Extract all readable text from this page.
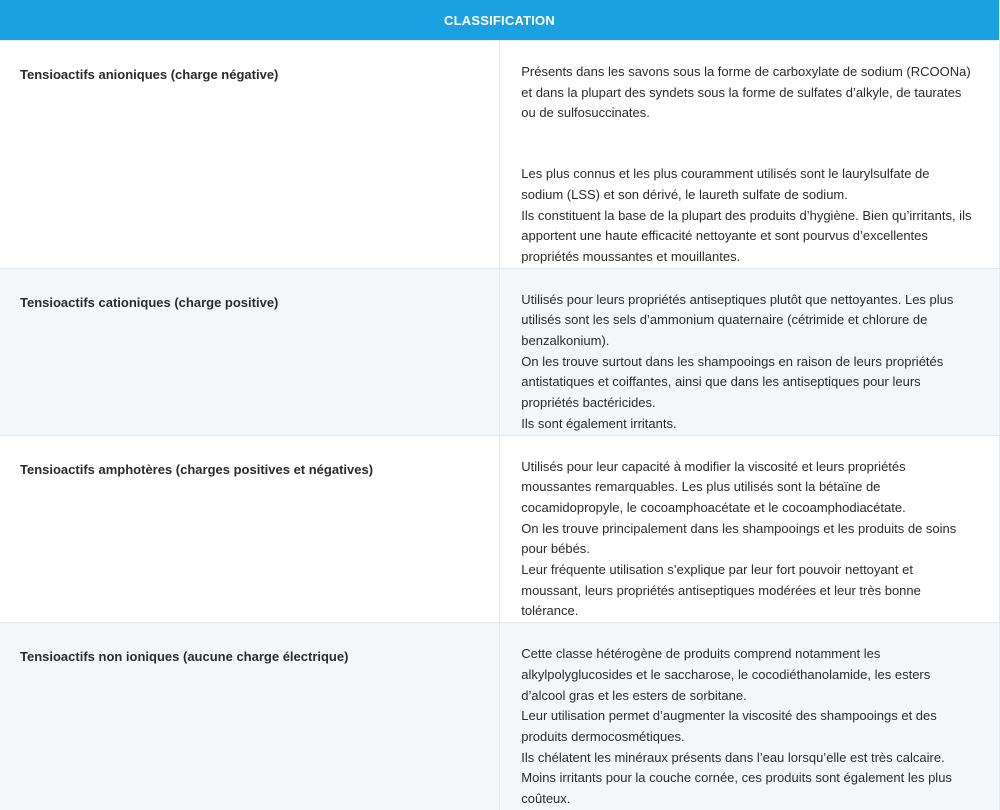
CLASSIFICATION	
Tensioactifs anioniques (charge négative)	Présents dans les savons sous la forme de carboxylate de sodium (RCOONa) et dans la plupart des syndets sous la forme de sulfates d’alkyle, de taurates ou de sulfosuccinates.

Les plus connus et les plus couramment utilisés sont le laurylsulfate de sodium (LSS) et son dérivé, le laureth sulfate de sodium.

Ils constituent la base de la plupart des produits d’hygiène. Bien qu’irritants, ils apportent une haute efficacité nettoyante et sont pourvus d’excellentes propriétés moussantes et mouillantes.

Tensioactifs cationiques (charge positive)	Utilisés pour leurs propriétés antiseptiques plutôt que nettoyantes. Les plus utilisés sont les sels d’ammonium quaternaire (cétrimide et chlorure de benzalkonium).

On les trouve surtout dans les shampooings en raison de leurs propriétés antistatiques et coiffantes, ainsi que dans les antiseptiques pour leurs propriétés bactéricides.

Ils sont également irritants.

Tensioactifs amphotères (charges positives et négatives)	Utilisés pour leur capacité à modifier la viscosité et leurs propriétés moussantes remarquables. Les plus utilisés sont la bétaïne de cocamidopropyle, le cocoamphoacétate et le cocoamphodiacétate.

On les trouve principalement dans les shampooings et les produits de soins pour bébés.

Leur fréquente utilisation s’explique par leur fort pouvoir nettoyant et moussant, leurs propriétés antiseptiques modérées et leur très bonne tolérance.

Tensioactifs non ioniques (aucune charge électrique)	Cette classe hétérogène de produits comprend notamment les alkylpolyglucosides et le saccharose, le cocodiéthanolamide, les esters d’alcool gras et les esters de sorbitane.

Leur utilisation permet d’augmenter la viscosité des shampooings et des produits dermocosmétiques.

Ils chélatent les minéraux présents dans l’eau lorsqu’elle est très calcaire. Moins irritants pour la couche cornée, ces produits sont également les plus coûteux.
